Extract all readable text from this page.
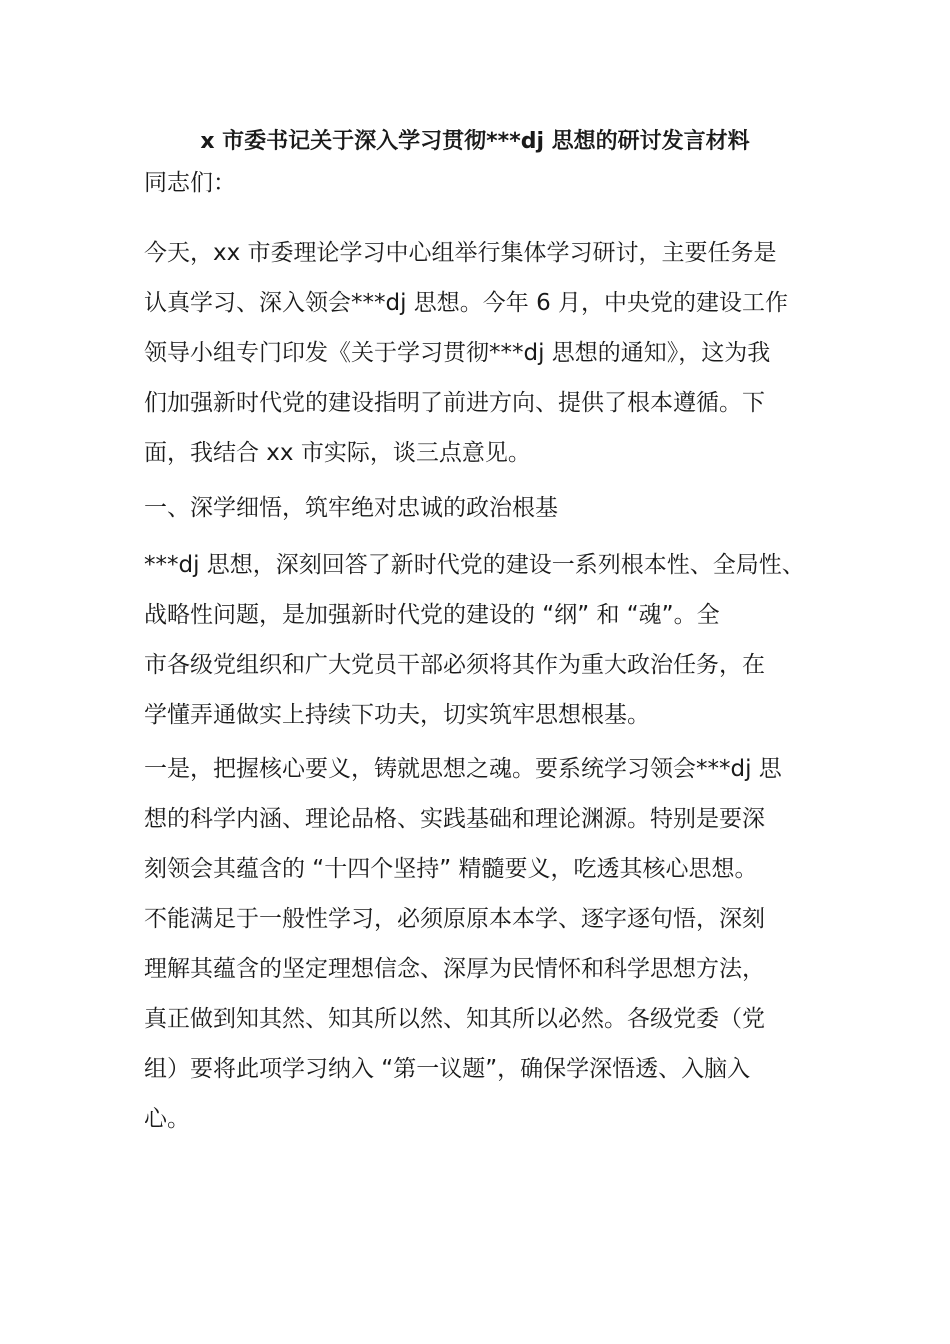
x 市委书记关于深入学习贯彻***dj 思想的研讨发言材料
同志们：
今天，xx 市委理论学习中心组举行集体学习研讨，主要任务是
认真学习、深入领会***dj 思想。今年 6 月，中央党的建设工作
领导小组专门印发《关于学习贯彻***dj 思想的通知》，这为我
们加强新时代党的建设指明了前进方向、提供了根本遵循。下
面，我结合 xx 市实际，谈三点意见。
一、深学细悟，筑牢绝对忠诚的政治根基
***dj 思想，深刻回答了新时代党的建设一系列根本性、全局性、
战略性问题，是加强新时代党的建设的 “纲” 和 “魂”。全
市各级党组织和广大党员干部必须将其作为重大政治任务，在
学懂弄通做实上持续下功夫，切实筑牢思想根基。
一是，把握核心要义，铸就思想之魂。要系统学习领会***dj 思
想的科学内涵、理论品格、实践基础和理论渊源。特别是要深
刻领会其蕴含的 “十四个坚持” 精髓要义，吃透其核心思想。
不能满足于一般性学习，必须原原本本学、逐字逐句悟，深刻
理解其蕴含的坚定理想信念、深厚为民情怀和科学思想方法，
真正做到知其然、知其所以然、知其所以必然。各级党委（党
组）要将此项学习纳入 “第一议题”，确保学深悟透、入脑入
心。
